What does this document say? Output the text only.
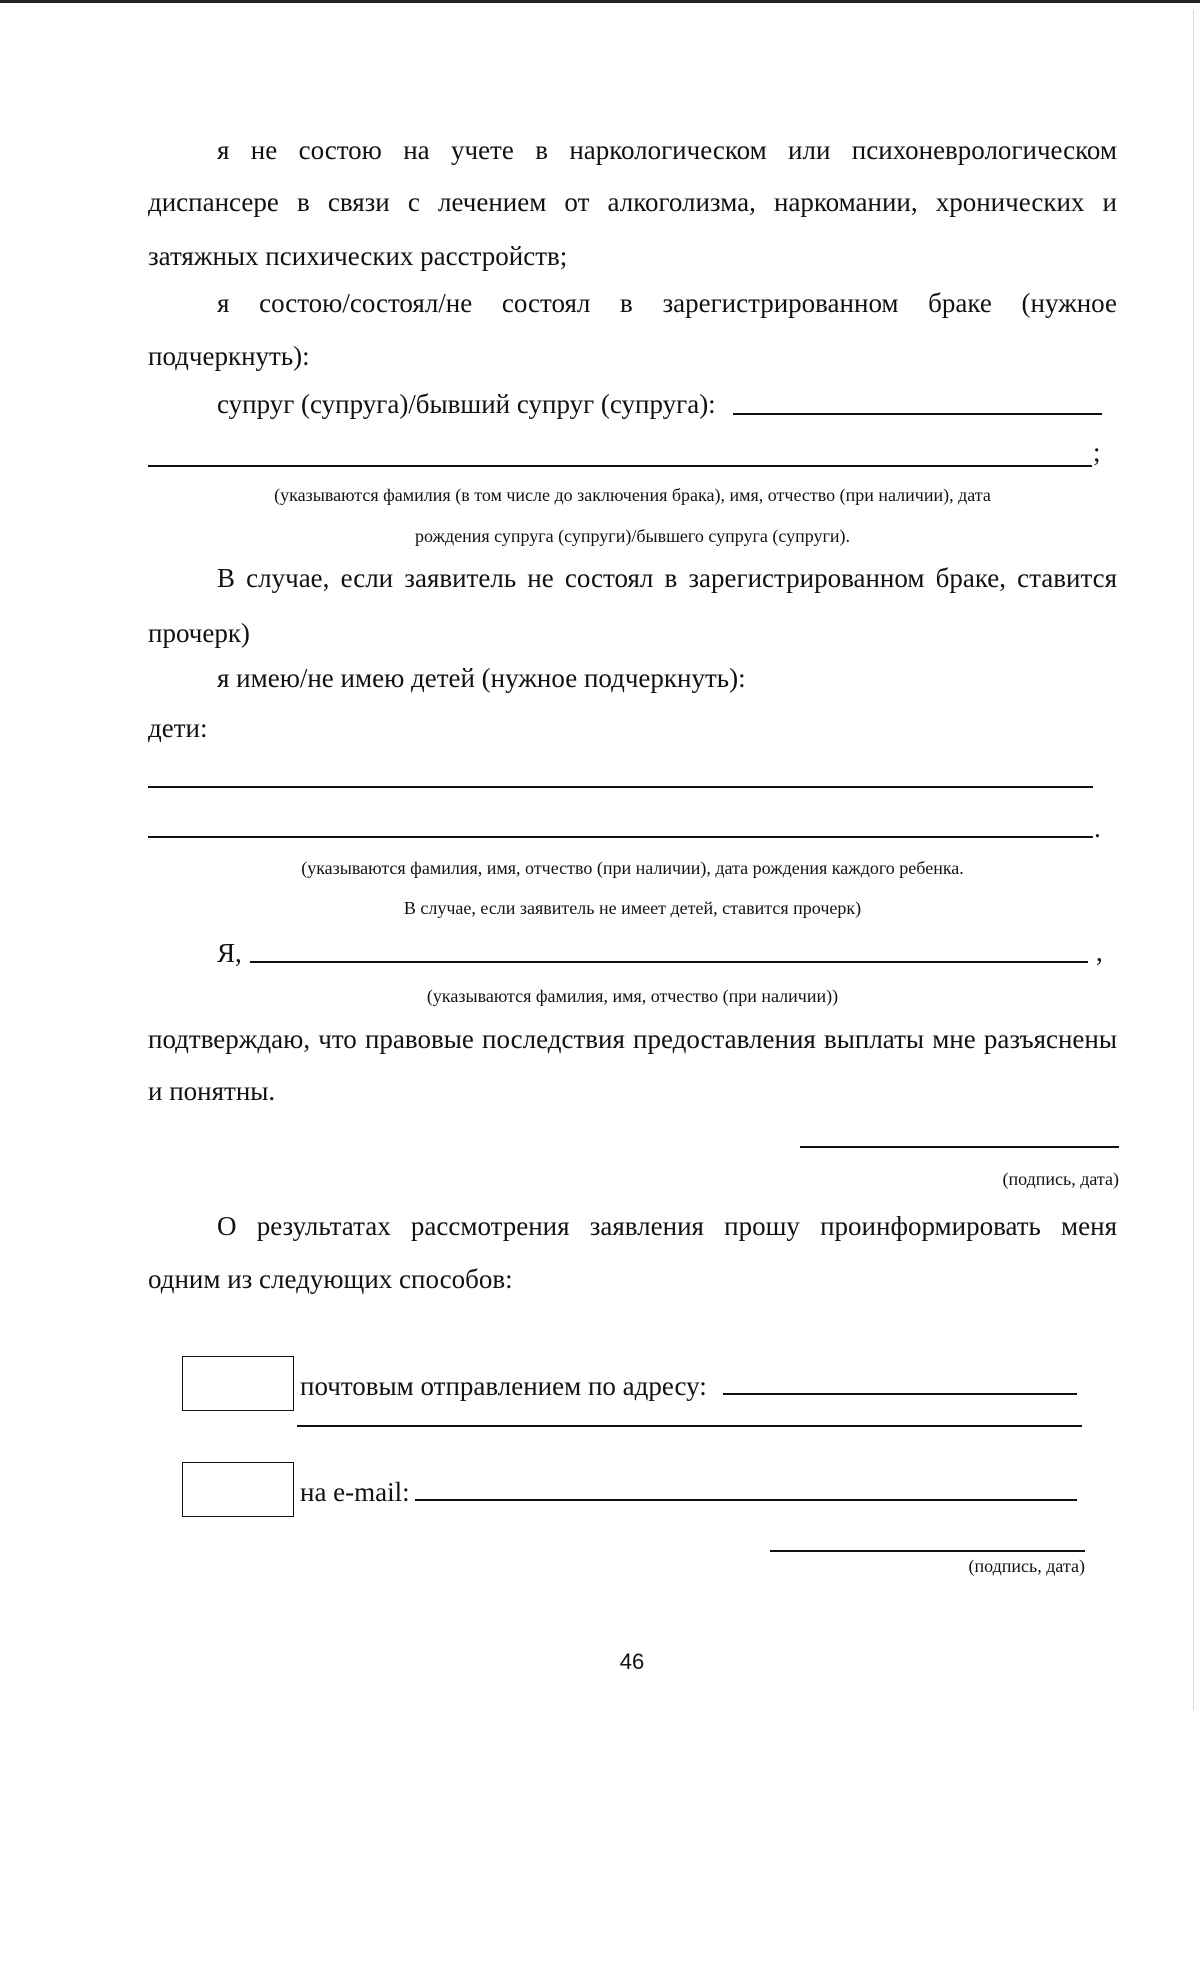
я не состою на учете в наркологическом или психоневрологическом
диспансере в связи с лечением от алкоголизма, наркомании, хронических и
затяжных психических расстройств;
я состою/состоял/не состоял в зарегистрированном браке (нужное
подчеркнуть):
супруг (супруга)/бывший супруг (супруга):
;
(указываются фамилия (в том числе до заключения брака), имя, отчество (при наличии), дата
рождения супруга (супруги)/бывшего супруга (супруги).
В случае, если заявитель не состоял в зарегистрированном браке, ставится
прочерк)
я имею/не имею детей (нужное подчеркнуть):
дети:
.
(указываются фамилия, имя, отчество (при наличии), дата рождения каждого ребенка.
В случае, если заявитель не имеет детей, ставится прочерк)
Я,	,
(указываются фамилия, имя, отчество (при наличии))
подтверждаю, что правовые последствия предоставления выплаты мне разъяснены
и понятны.
(подпись, дата)
О результатах рассмотрения заявления прошу проинформировать меня
одним из следующих способов:
почтовым отправлением по адресу:
на e-mail:
(подпись, дата)
46
